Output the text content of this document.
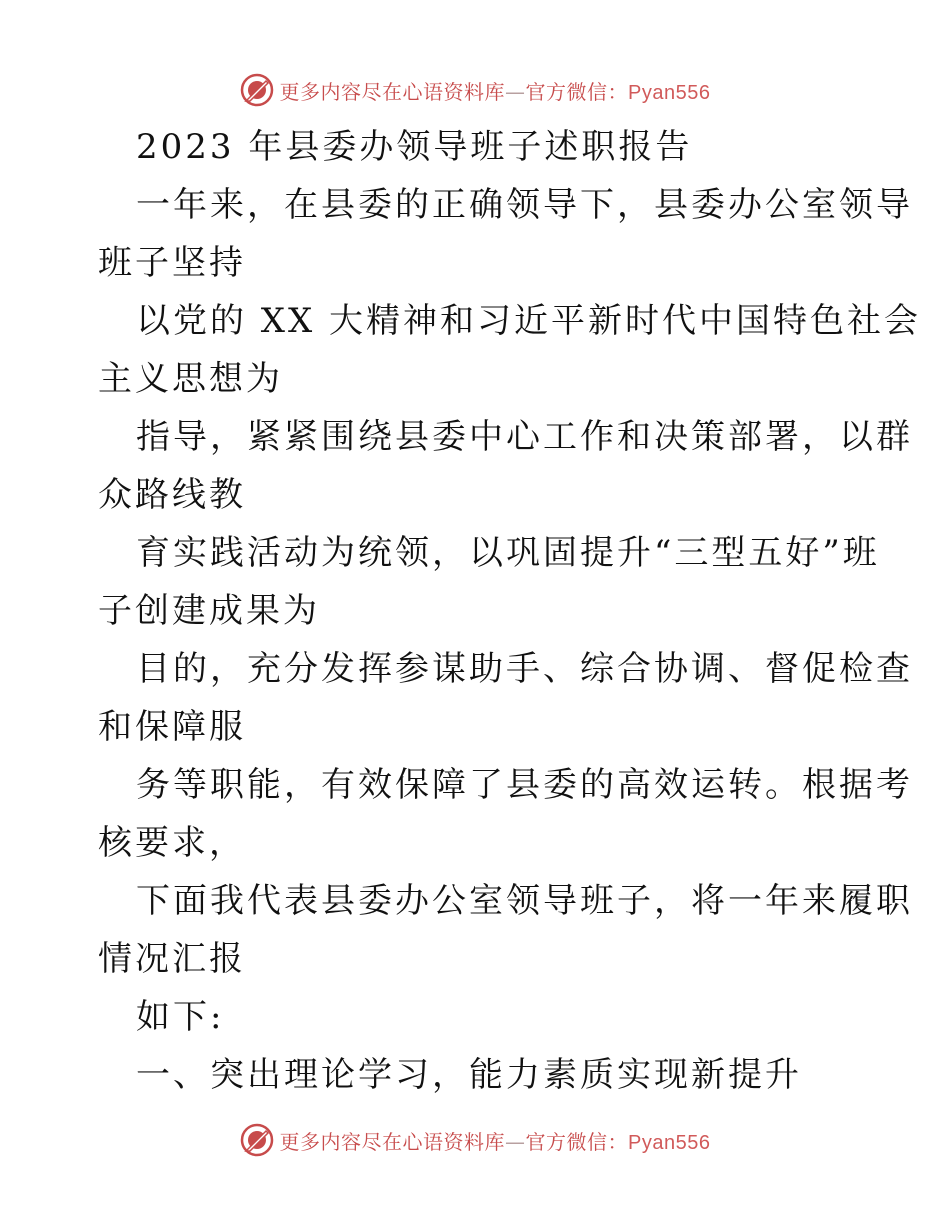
更多内容尽在心语资料库—官方微信：Pyan556
2023 年县委办领导班子述职报告
一年来，在县委的正确领导下，县委办公室领导
班子坚持
以党的 XX 大精神和习近平新时代中国特色社会
主义思想为
指导，紧紧围绕县委中心工作和决策部署，以群
众路线教
育实践活动为统领，以巩固提升“三型五好”班
子创建成果为
目的，充分发挥参谋助手、综合协调、督促检查
和保障服
务等职能，有效保障了县委的高效运转。根据考
核要求，
下面我代表县委办公室领导班子，将一年来履职
情况汇报
如下:
一、突出理论学习，能力素质实现新提升
更多内容尽在心语资料库—官方微信：Pyan556
